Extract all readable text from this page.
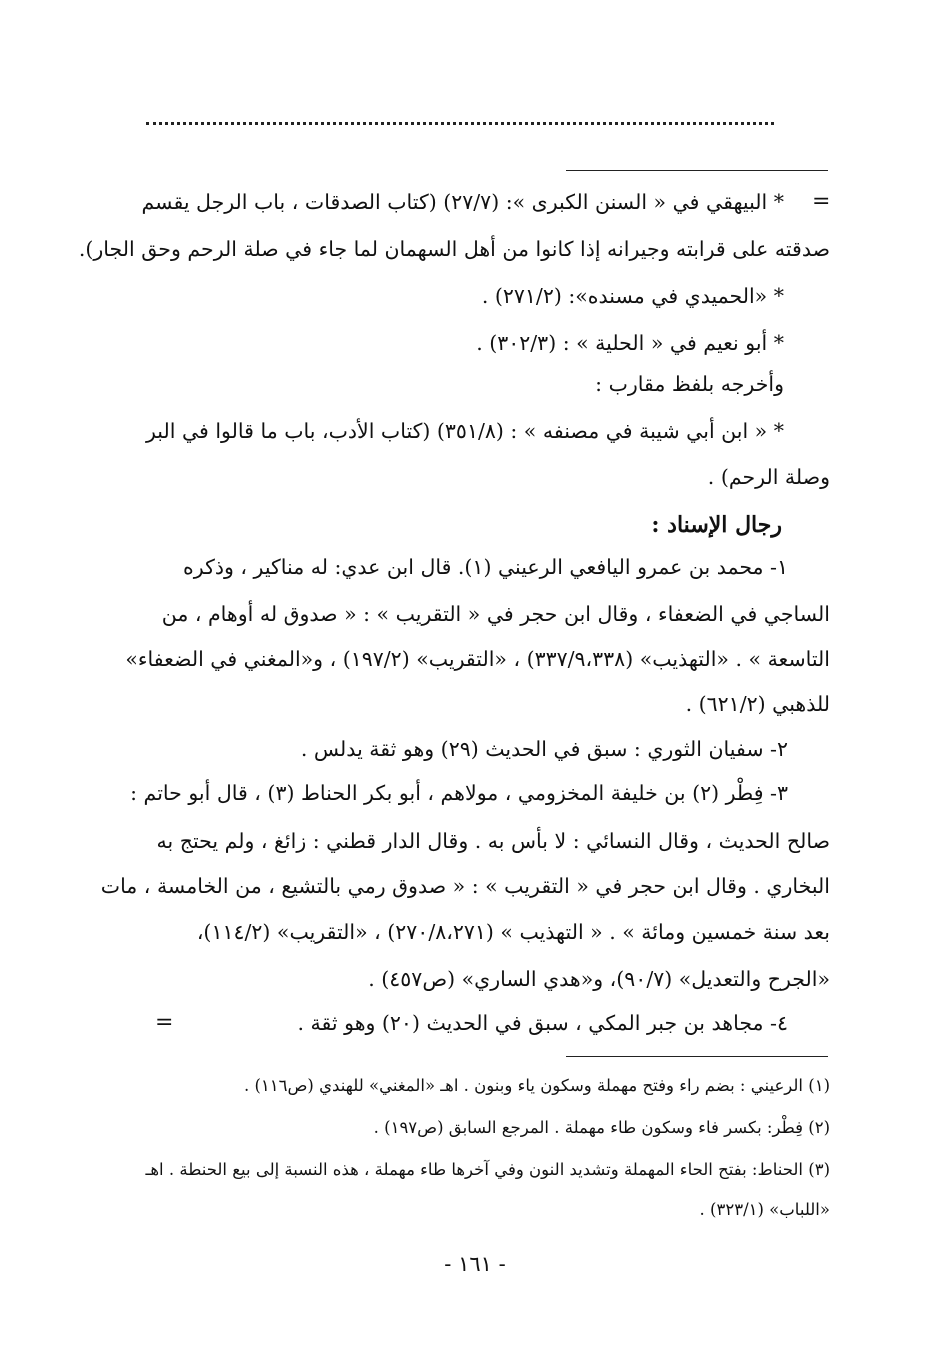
=
* البيهقي في « السنن الكبرى »: (٢٧/٧) (كتاب الصدقات ، باب الرجل يقسم
صدقته على قرابته وجيرانه إذا كانوا من أهل السهمان لما جاء في صلة الرحم وحق الجار).
* «الحميدي في مسنده»: (٢٧١/٢) .
* أبو نعيم في « الحلية » : (٣٠٢/٣) .
وأخرجه بلفظ مقارب :
* « ابن أبي شيبة في مصنفه » : (٣٥١/٨) (كتاب الأدب، باب ما قالوا في البر
وصلة الرحم) .
رجال الإسناد :
١- محمد بن عمرو اليافعي الرعيني (١). قال ابن عدي: له مناكير ، وذكره
الساجي في الضعفاء ، وقال ابن حجر في « التقريب » : « صدوق له أوهام ، من
التاسعة » . «التهذيب» (٣٣٧/٩،٣٣٨) ، «التقريب» (١٩٧/٢) ، و«المغني في الضعفاء»
للذهبي (٦٢١/٢) .
٢- سفيان الثوري : سبق في الحديث (٢٩) وهو ثقة يدلس .
٣- فِطْر (٢) بن خليفة المخزومي ، مولاهم ، أبو بكر الحناط (٣) ، قال أبو حاتم :
صالح الحديث ، وقال النسائي : لا بأس به . وقال الدار قطني : زائغ ، ولم يحتج به
البخاري . وقال ابن حجر في « التقريب » : « صدوق رمي بالتشيع ، من الخامسة ، مات
بعد سنة خمسين ومائة » . « التهذيب » (٢٧٠/٨،٢٧١) ، «التقريب» (١١٤/٢)،
«الجرح والتعديل» (٩٠/٧)، و«هدي الساري» (ص٤٥٧) .
٤- مجاهد بن جبر المكي ، سبق في الحديث (٢٠) وهو ثقة .
=
(١) الرعيني : بضم راء وفتح مهملة وسكون ياء وبنون . اهـ «المغني» للهندي (ص١١٦) .
(٢) فِطْر: بكسر فاء وسكون طاء مهملة . المرجع السابق (ص١٩٧) .
(٣) الحناط: بفتح الحاء المهملة وتشديد النون وفي آخرها طاء مهملة ، هذه النسبة إلى بيع الحنطة . اهـ
«اللباب» (٣٢٣/١) .
- ١٦١ -
